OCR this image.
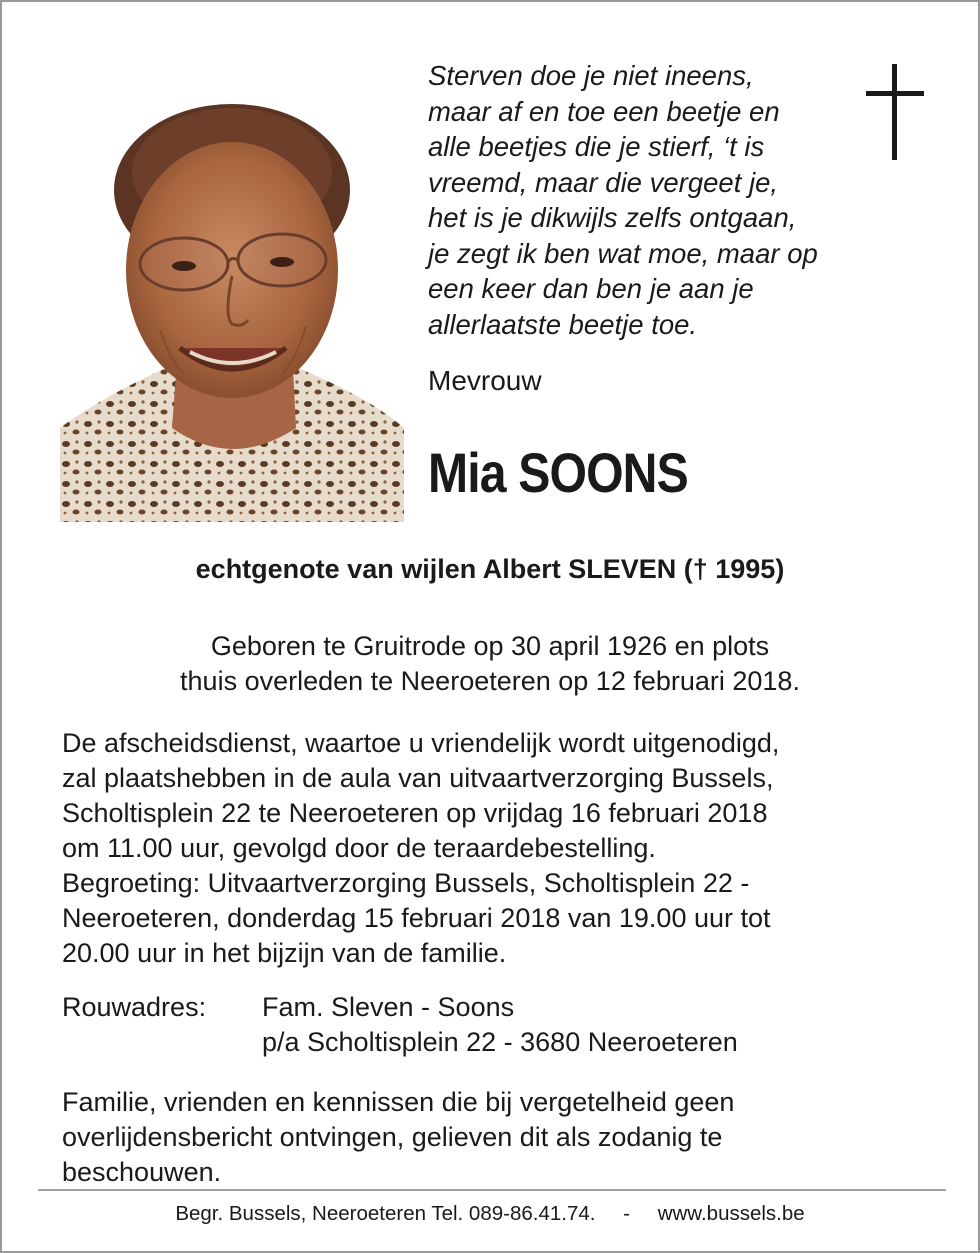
Sterven doe je niet ineens,
maar af en toe een beetje en
alle beetjes die je stierf, ‘t is
vreemd, maar die vergeet je,
het is je dikwijls zelfs ontgaan,
je zegt ik ben wat moe, maar op
een keer dan ben je aan je
allerlaatste beetje toe.
Mevrouw
Mia SOONS
echtgenote van wijlen Albert SLEVEN († 1995)
Geboren te Gruitrode op 30 april 1926 en plots
thuis overleden te Neeroeteren op 12 februari 2018.
De afscheidsdienst, waartoe u vriendelijk wordt uitgenodigd,
zal plaatshebben in de aula van uitvaartverzorging Bussels,
Scholtisplein 22 te Neeroeteren op vrijdag 16 februari 2018
om 11.00 uur, gevolgd door de teraardebestelling.
Begroeting: Uitvaartverzorging Bussels, Scholtisplein 22 -
Neeroeteren, donderdag 15 februari 2018 van 19.00 uur tot
20.00 uur in het bijzijn van de familie.
Rouwadres: Fam. Sleven - Soons
p/a Scholtisplein 22 - 3680 Neeroeteren
Familie, vrienden en kennissen die bij vergetelheid geen
overlijdensbericht ontvingen, gelieven dit als zodanig te
beschouwen.
Begr. Bussels, Neeroeteren Tel. 089-86.41.74. - www.bussels.be
